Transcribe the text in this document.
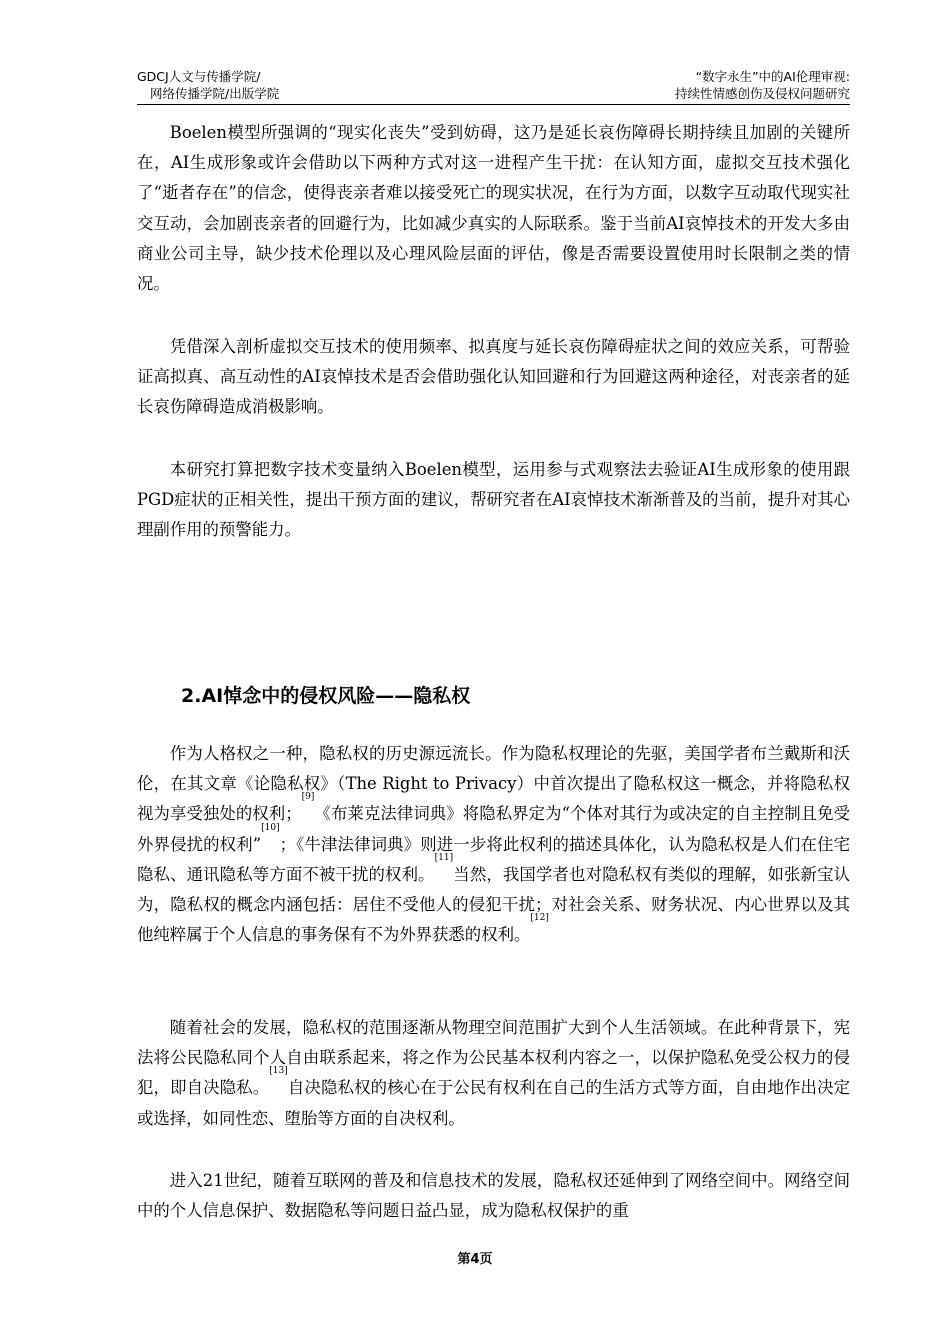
GDCJ人文与传播学院/
网络传播学院/出版学院
“数字永生”中的AI伦理审视:
持续性情感创伤及侵权问题研究

Boelen模型所强调的“现实化丧失”受到妨碍，这乃是延长哀伤障碍长期持续且加剧的关键所在，AI生成形象或许会借助以下两种方式对这一进程产生干扰：在认知方面，虚拟交互技术强化了“逝者存在”的信念，使得丧亲者难以接受死亡的现实状况，在行为方面，以数字互动取代现实社交互动，会加剧丧亲者的回避行为，比如减少真实的人际联系。鉴于当前AI哀悼技术的开发大多由商业公司主导，缺少技术伦理以及心理风险层面的评估，像是否需要设置使用时长限制之类的情况。

凭借深入剖析虚拟交互技术的使用频率、拟真度与延长哀伤障碍症状之间的效应关系，可帮验证高拟真、高互动性的AI哀悼技术是否会借助强化认知回避和行为回避这两种途径，对丧亲者的延长哀伤障碍造成消极影响。

本研究打算把数字技术变量纳入Boelen模型，运用参与式观察法去验证AI生成形象的使用跟PGD症状的正相关性，提出干预方面的建议，帮研究者在AI哀悼技术渐渐普及的当前，提升对其心理副作用的预警能力。

2.AI悼念中的侵权风险——隐私权

作为人格权之一种，隐私权的历史源远流长。作为隐私权理论的先驱，美国学者布兰戴斯和沃伦，在其文章《论隐私权》（The Right to Privacy）中首次提出了隐私权这一概念，并将隐私权视为享受独处的权利；[9]《布莱克法律词典》将隐私界定为“个体对其行为或决定的自主控制且免受外界侵扰的权利”[10]；《牛津法律词典》则进一步将此权利的描述具体化，认为隐私权是人们在住宅隐私、通讯隐私等方面不被干扰的权利。[11]当然，我国学者也对隐私权有类似的理解，如张新宝认为，隐私权的概念内涵包括：居住不受他人的侵犯干扰；对社会关系、财务状况、内心世界以及其他纯粹属于个人信息的事务保有不为外界获悉的权利。[12]

随着社会的发展，隐私权的范围逐渐从物理空间范围扩大到个人生活领域。在此种背景下，宪法将公民隐私同个人自由联系起来，将之作为公民基本权利内容之一，以保护隐私免受公权力的侵犯，即自决隐私。[13]自决隐私权的核心在于公民有权利在自己的生活方式等方面，自由地作出决定或选择，如同性恋、堕胎等方面的自决权利。

进入21世纪，随着互联网的普及和信息技术的发展，隐私权还延伸到了网络空间中。网络空间中的个人信息保护、数据隐私等问题日益凸显，成为隐私权保护的重

第4页
